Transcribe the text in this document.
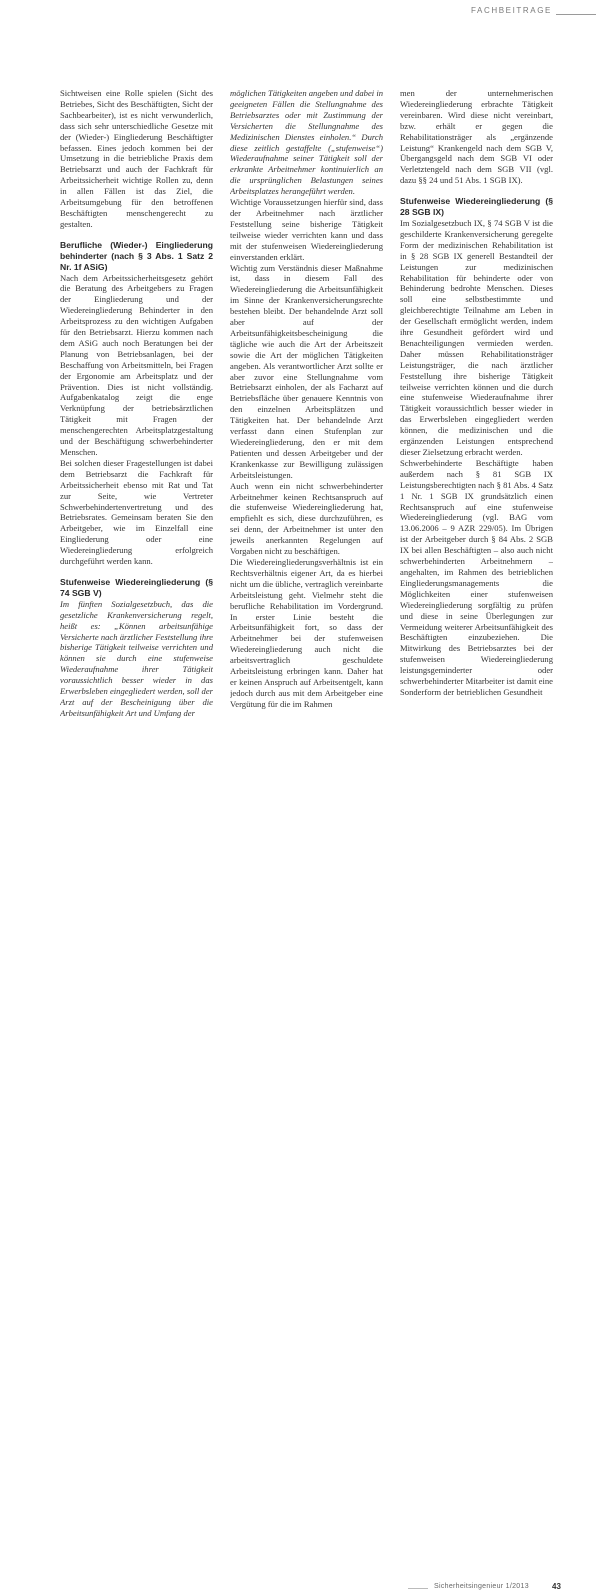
FACHBEITRAGE

Sichtweisen eine Rolle spielen (Sicht des Betriebes, Sicht des Beschäftigten, Sicht der Sachbearbeiter), ist es nicht verwunderlich, dass sich sehr unterschiedliche Gesetze mit der (Wieder-) Eingliederung Beschäftigter befassen. Eines jedoch kommen bei der Umsetzung in die betriebliche Praxis dem Betriebsarzt und auch der Fachkraft für Arbeitssicherheit wichtige Rollen zu, denn in allen Fällen ist das Ziel, die Arbeitsumgebung für den betroffenen Beschäftigten menschengerecht zu gestalten.

Berufliche (Wieder-) Eingliederung behinderter (nach § 3 Abs. 1 Satz 2 Nr. 1f ASiG)

Nach dem Arbeitssicherheitsgesetz gehört die Beratung des Arbeitgebers zu Fragen der Eingliederung und der Wiedereingliederung Behinderter in den Arbeitsprozess zu den wichtigen Aufgaben für den Betriebsarzt. Hierzu kommen nach dem ASiG auch noch Beratungen bei der Planung von Betriebsanlagen, bei der Beschaffung von Arbeitsmitteln, bei Fragen der Ergonomie am Arbeitsplatz und der Prävention. Dies ist nicht vollständig. Aufgabenkatalog zeigt die enge Verknüpfung der betriebsärztlichen Tätigkeit mit Fragen der menschengerechten Arbeitsplatzgestaltung und der Beschäftigung schwerbehinderter Menschen.

Bei solchen dieser Fragestellungen ist dabei dem Betriebsarzt die Fachkraft für Arbeitssicherheit ebenso mit Rat und Tat zur Seite, wie Vertreter Schwerbehindertenvertretung und des Betriebsrates. Gemeinsam beraten Sie den Arbeitgeber, wie im Einzelfall eine Eingliederung oder eine Wiedereingliederung erfolgreich durchgeführt werden kann.

Stufenweise Wiedereingliederung (§ 74 SGB V)

Im fünften Sozialgesetzbuch, das die gesetzliche Krankenversicherung regelt, heißt es: „Können arbeitsunfähige Versicherte nach ärztlicher Feststellung ihre bisherige Tätigkeit teilweise verrichten und können sie durch eine stufenweise Wiederaufnahme ihrer Tätigkeit voraussichtlich besser wieder in das Erwerbsleben eingegliedert werden, soll der Arzt auf der Bescheinigung über die Arbeitsunfähigkeit Art und Umfang der

möglichen Tätigkeiten angeben und dabei in geeigneten Fällen die Stellungnahme des Betriebsarztes oder mit Zustimmung der Versicherten die Stellungnahme des Medizinischen Dienstes einholen.“ Durch diese zeitlich gestaffelte („stufenweise“) Wiederaufnahme seiner Tätigkeit soll der erkrankte Arbeitnehmer kontinuierlich an die ursprünglichen Belastungen seines Arbeitsplatzes herangeführt werden.

Wichtige Voraussetzungen hierfür sind, dass der Arbeitnehmer nach ärztlicher Feststellung seine bisherige Tätigkeit teilweise wieder verrichten kann und dass mit der stufenweisen Wiedereingliederung einverstanden erklärt.

Wichtig zum Verständnis dieser Maßnahme ist, dass in diesem Fall des Wiedereingliederung die Arbeitsunfähigkeit im Sinne der Krankenversicherungsrechte bestehen bleibt. Der behandelnde Arzt soll aber auf der Arbeitsunfähigkeitsbescheinigung die tägliche wie auch die Art der Arbeitszeit sowie die Art der möglichen Tätigkeiten angeben. Als verantwortlicher Arzt sollte er aber zuvor eine Stellungnahme vom Betriebsarzt einholen, der als Facharzt auf Betriebsfläche über genauere Kenntnis von den einzelnen Arbeitsplätzen und Tätigkeiten hat. Der behandelnde Arzt verfasst dann einen Stufenplan zur Wiedereingliederung, den er mit dem Patienten und dessen Arbeitgeber und der Krankenkasse zur Bewilligung zulässigen Arbeitsleistungen.

Auch wenn ein nicht schwerbehinderter Arbeitnehmer keinen Rechtsanspruch auf die stufenweise Wiedereingliederung hat, empfiehlt es sich, diese durchzuführen, es sei denn, der Arbeitnehmer ist unter den jeweils anerkannten Regelungen auf Vorgaben nicht zu beschäftigen.

Die Wiedereingliederungsverhältnis ist ein Rechtsverhältnis eigener Art, da es hierbei nicht um die übliche, vertraglich vereinbarte Arbeitsleistung geht. Vielmehr steht die berufliche Rehabilitation im Vordergrund. In erster Linie besteht die Arbeitsunfähigkeit fort, so dass der Arbeitnehmer bei der stufenweisen Wiedereingliederung auch nicht die arbeitsvertraglich geschuldete Arbeitsleistung erbringen kann. Daher hat er keinen Anspruch auf Arbeitsentgelt, kann jedoch durch aus mit dem Arbeitgeber eine Vergütung für die im Rahmen

men der unternehmerischen Wiedereingliederung erbrachte Tätigkeit vereinbaren. Wird diese nicht vereinbart, bzw. erhält er gegen die Rehabilitationsträger als „ergänzende Leistung“ Krankengeld nach dem SGB V, Übergangsgeld nach dem SGB VI oder Verletztengeld nach dem SGB VII (vgl. dazu §§ 24 und 51 Abs. 1 SGB IX).

Stufenweise Wiedereingliederung (§ 28 SGB IX)

Im Sozialgesetzbuch IX, § 74 SGB V ist die geschilderte Krankenversicherung geregelte Form der medizinischen Rehabilitation ist in § 28 SGB IX generell Bestandteil der Leistungen zur medizinischen Rehabilitation für behinderte oder von Behinderung bedrohte Menschen. Dieses soll eine selbstbestimmte und gleichberechtigte Teilnahme am Leben in der Gesellschaft ermöglicht werden, indem ihre Gesundheit gefördert wird und Benachteiligungen vermieden werden. Daher müssen Rehabilitationsträger Leistungsträger, die nach ärztlicher Feststellung ihre bisherige Tätigkeit teilweise verrichten können und die durch eine stufenweise Wiederaufnahme ihrer Tätigkeit voraussichtlich besser wieder in das Erwerbsleben eingegliedert werden können, die medizinischen und die ergänzenden Leistungen entsprechend dieser Zielsetzung erbracht werden.

Schwerbehinderte Beschäftigte haben außerdem nach § 81 SGB IX Leistungsberechtigten nach § 81 Abs. 4 Satz 1 Nr. 1 SGB IX grundsätzlich einen Rechtsanspruch auf eine stufenweise Wiedereingliederung (vgl. BAG vom 13.06.2006 – 9 AZR 229/05). Im Übrigen ist der Arbeitgeber durch § 84 Abs. 2 SGB IX bei allen Beschäftigten – also auch nicht schwerbehinderten Arbeitnehmern – angehalten, im Rahmen des betrieblichen Eingliederungsmanagements die Möglichkeiten einer stufenweisen Wiedereingliederung sorgfältig zu prüfen und diese in seine Überlegungen zur Vermeidung weiterer Arbeitsunfähigkeit des Beschäftigten einzubeziehen. Die Mitwirkung des Betriebsarztes bei der stufenweisen Wiedereingliederung leistungsgeminderter oder schwerbehinderter Mitarbeiter ist damit eine Sonderform der betrieblichen Gesundheit

Sicherheitsingenieur 1/2013	43
